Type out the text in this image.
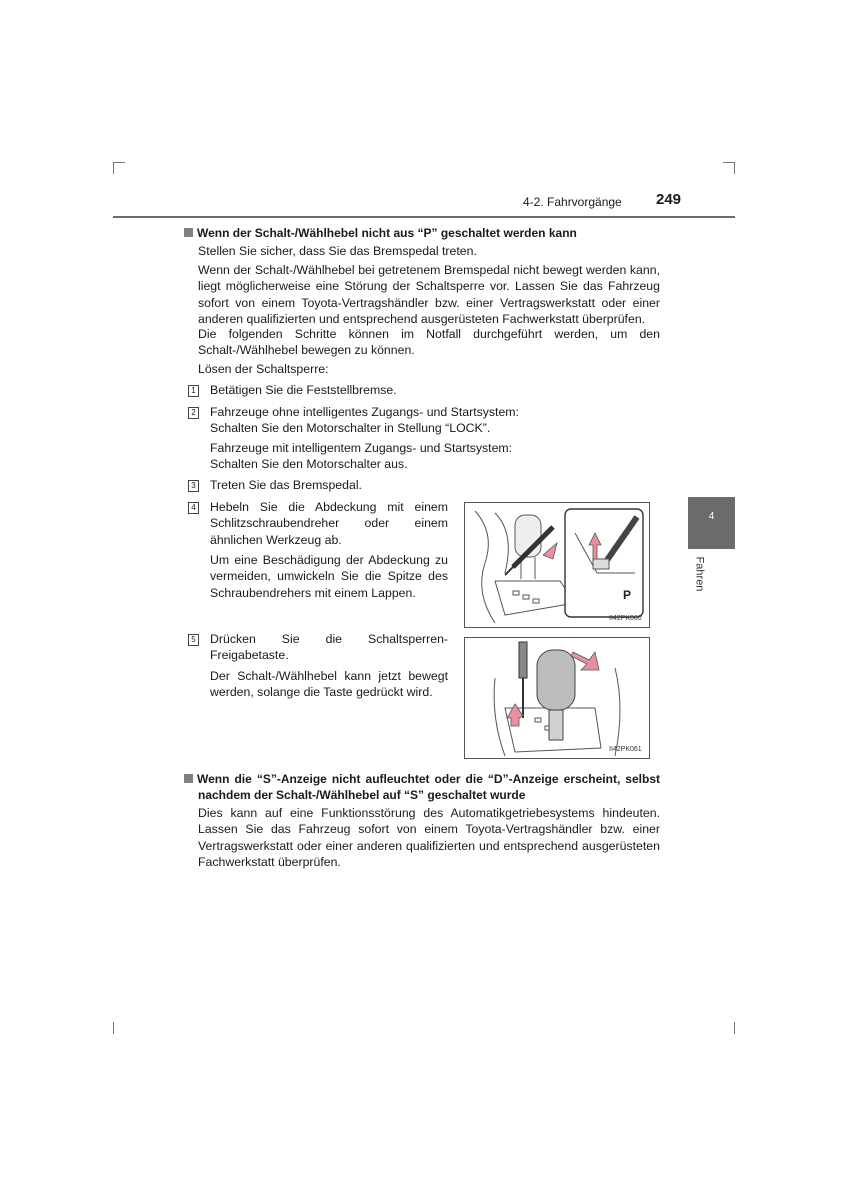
4-2. Fahrvorgänge 249
4
Fahren
Wenn der Schalt-/Wählhebel nicht aus “P” geschaltet werden kann
Stellen Sie sicher, dass Sie das Bremspedal treten.
Wenn der Schalt-/Wählhebel bei getretenem Bremspedal nicht bewegt werden kann, liegt möglicherweise eine Störung der Schaltsperre vor. Lassen Sie das Fahrzeug sofort von einem Toyota-Vertragshändler bzw. einer Vertragswerkstatt oder einer anderen qualifizierten und entsprechend ausgerüsteten Fachwerkstatt überprüfen.
Die folgenden Schritte können im Notfall durchgeführt werden, um den Schalt-/Wählhebel bewegen zu können.
Lösen der Schaltsperre:
1 Betätigen Sie die Feststellbremse.
2 Fahrzeuge ohne intelligentes Zugangs- und Startsystem: Schalten Sie den Motorschalter in Stellung “LOCK”.
Fahrzeuge mit intelligentem Zugangs- und Startsystem: Schalten Sie den Motorschalter aus.
3 Treten Sie das Bremspedal.
4 Hebeln Sie die Abdeckung mit einem Schlitzschraubendreher oder einem ähnlichen Werkzeug ab.
Um eine Beschädigung der Abdeckung zu vermeiden, umwickeln Sie die Spitze des Schraubendrehers mit einem Lappen.
5 Drücken Sie die Schaltsperren-Freigabetaste.
Der Schalt-/Wählhebel kann jetzt bewegt werden, solange die Taste gedrückt wird.
P
II42PK060
II42PK061
Wenn die “S”-Anzeige nicht aufleuchtet oder die “D”-Anzeige erscheint, selbst
nachdem der Schalt-/Wählhebel auf “S” geschaltet wurde
Dies kann auf eine Funktionsstörung des Automatikgetriebesystems hindeuten. Lassen Sie das Fahrzeug sofort von einem Toyota-Vertragshändler bzw. einer Vertragswerkstatt oder einer anderen qualifizierten und entsprechend ausgerüsteten Fachwerkstatt überprüfen.
